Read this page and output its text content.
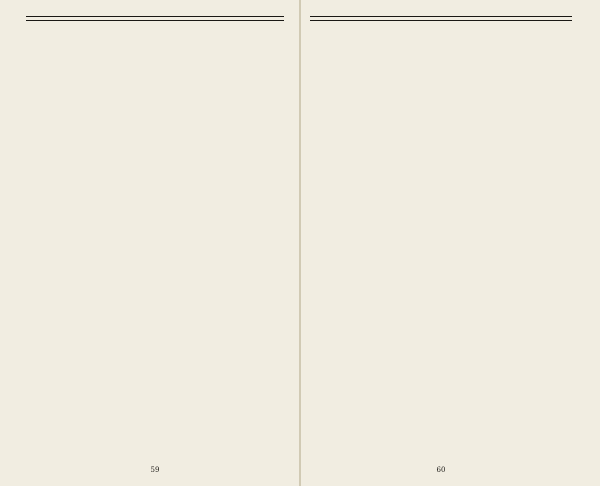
59	60
